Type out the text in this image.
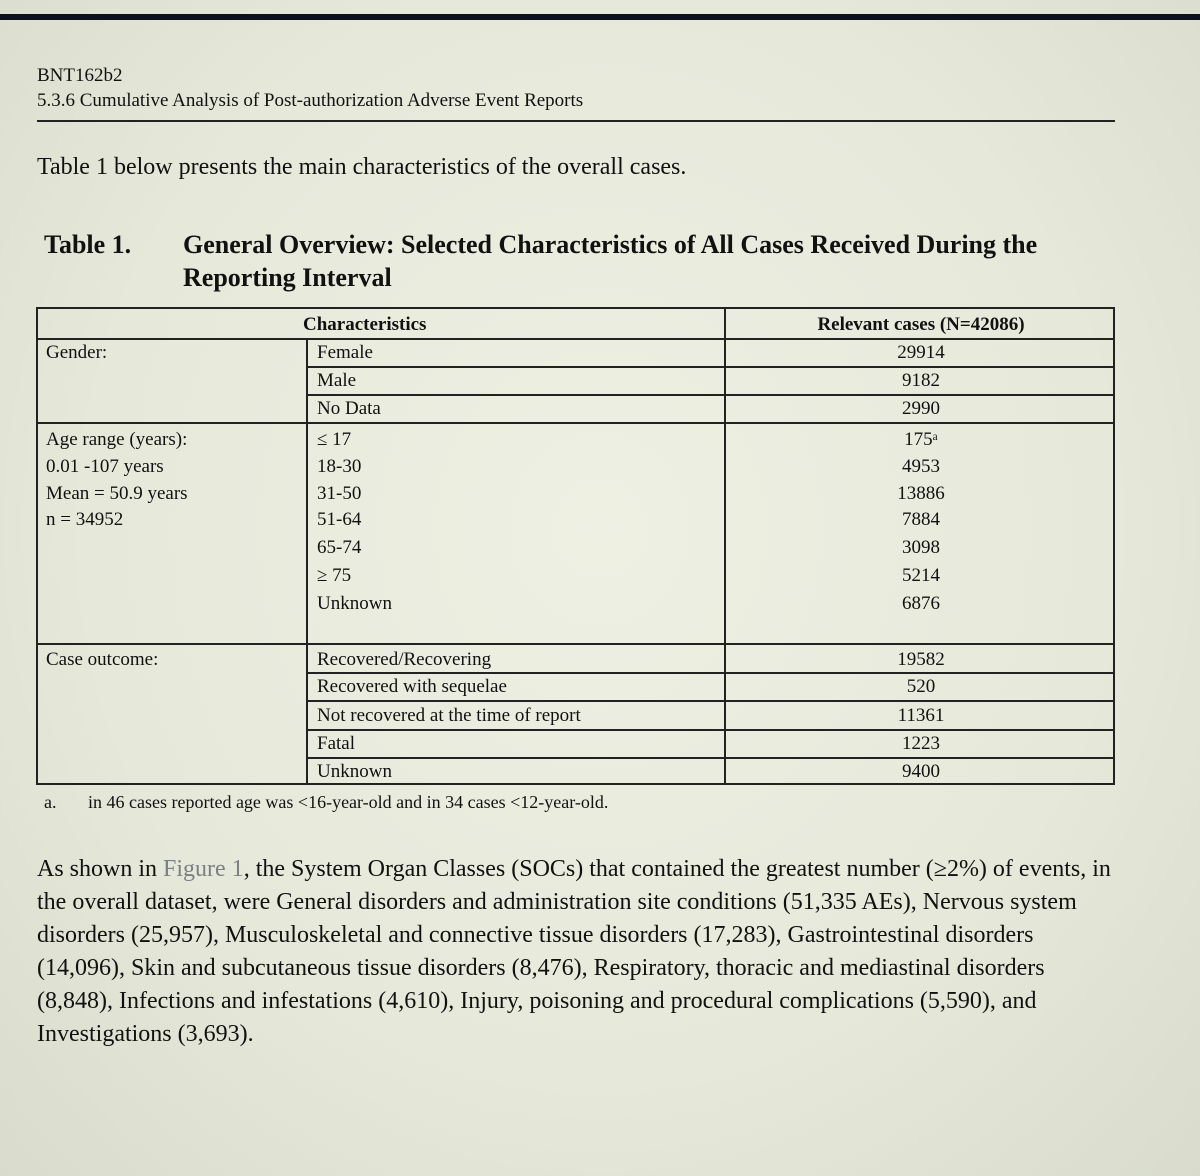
BNT162b2
5.3.6 Cumulative Analysis of Post-authorization Adverse Event Reports
Table 1 below presents the main characteristics of the overall cases.
Table 1. General Overview: Selected Characteristics of All Cases Received During the Reporting Interval
Characteristics	Relevant cases (N=42086)
Gender:	Female	29914
Male	9182
No Data	2990
Age range (years):
0.01 -107 years
Mean = 50.9 years
n = 34952
≤ 17	175ᵃ
18-30	4953
31-50	13886
51-64	7884
65-74	3098
≥ 75	5214
Unknown	6876
Case outcome:	Recovered/Recovering	19582
Recovered with sequelae	520
Not recovered at the time of report	11361
Fatal	1223
Unknown	9400
a. in 46 cases reported age was <16-year-old and in 34 cases <12-year-old.
As shown in Figure 1, the System Organ Classes (SOCs) that contained the greatest number (≥2%) of events, in the overall dataset, were General disorders and administration site conditions (51,335 AEs), Nervous system disorders (25,957), Musculoskeletal and connective tissue disorders (17,283), Gastrointestinal disorders (14,096), Skin and subcutaneous tissue disorders (8,476), Respiratory, thoracic and mediastinal disorders (8,848), Infections and infestations (4,610), Injury, poisoning and procedural complications (5,590), and Investigations (3,693).
